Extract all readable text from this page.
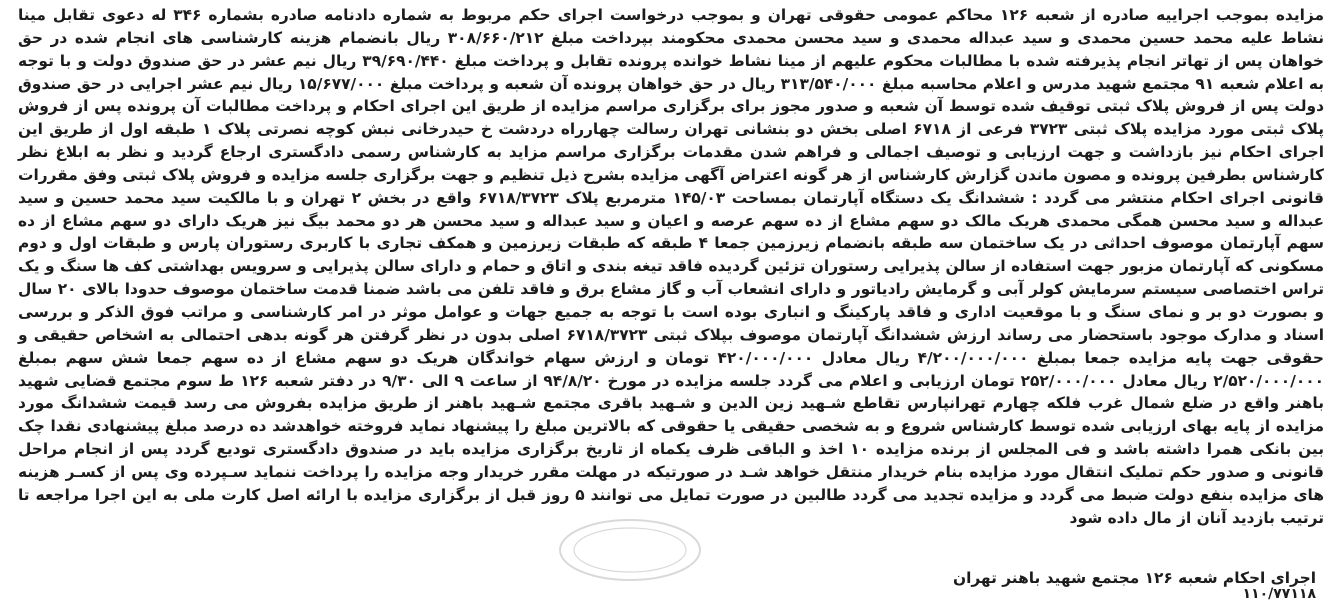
مزایده بموجب اجراییه صادره از شعبه ۱۲۶ محاکم عمومی حقوقی تهران و بموجب درخواست اجرای حکم مربوط به شماره دادنامه صادره بشماره ۳۴۶ له دعوی تقابل مینا نشاط علیه محمد حسین محمدی و سید عبداله محمدی و سید محسن محمدی محکومند بپرداخت مبلغ ۳۰۸/۶۶۰/۲۱۲ ریال بانضمام هزینه کارشناسی های انجام شده در حق خواهان پس از تهاتر انجام پذیرفته شده با مطالبات محکوم علیهم از مینا نشاط خوانده پرونده تقابل و پرداخت مبلغ ۳۹/۶۹۰/۴۴۰ ریال نیم عشر در حق صندوق دولت و با توجه به اعلام شعبه ۹۱ مجتمع شهید مدرس و اعلام محاسبه مبلغ ۳۱۳/۵۴۰/۰۰۰ ریال در حق خواهان پرونده آن شعبه و پرداخت مبلغ ۱۵/۶۷۷/۰۰۰ ریال نیم عشر اجرایی در حق صندوق دولت پس از فروش پلاک ثبتی توقیف شده توسط آن شعبه و صدور مجوز برای برگزاری مراسم مزایده از طریق این اجرای احکام و پرداخت مطالبات آن پرونده پس از فروش پلاک ثبتی مورد مزایده پلاک ثبتی ۳۷۲۳ فرعی از ۶۷۱۸ اصلی بخش دو بنشانی تهران رسالت چهارراه دردشت خ حیدرخانی نبش کوچه نصرتی پلاک ۱ طبقه اول از طریق این اجرای احکام نیز بازداشت و جهت ارزیابی و توصیف اجمالی و فراهم شدن مقدمات برگزاری مراسم مزاید به کارشناس رسمی دادگستری ارجاع گردید و نظر به ابلاغ نظر کارشناس بطرفین پرونده و مصون ماندن گزارش کارشناس از هر گونه اعتراض آگهی مزایده بشرح ذیل تنظیم و جهت برگزاری جلسه مزایده و فروش پلاک ثبتی وفق مقررات قانونی اجرای احکام منتشر می گردد : ششدانگ یک دستگاه آپارتمان بمساحت ۱۴۵/۰۳ مترمربع پلاک ۶۷۱۸/۳۷۲۳ واقع در بخش ۲ تهران و با مالکیت سید محمد حسین و سید عبداله و سید محسن همگی محمدی هریک مالک دو سهم مشاع از ده سهم عرصه و اعیان و سید عبداله و سید محسن هر دو محمد بیگ نیز هریک دارای دو سهم مشاع از ده سهم آپارتمان موصوف احداثی در یک ساختمان سه طبقه بانضمام زیرزمین جمعا ۴ طبقه که طبقات زیرزمین و همکف تجاری با کاربری رستوران پارس و طبقات اول و دوم مسکونی که آپارتمان مزبور جهت استفاده از سالن پذیرایی رستوران تزئین گردیده فاقد تیغه بندی و اتاق و حمام و دارای سالن پذیرایی و سرویس بهداشتی کف ها سنگ و یک تراس اختصاصی سیستم سرمایش کولر آبی و گرمایش رادیاتور و دارای انشعاب آب و گاز مشاع برق و فاقد تلفن می باشد ضمنا قدمت ساختمان موصوف حدودا بالای ۲۰ سال و بصورت دو بر و نمای سنگ و با موقعیت اداری و فاقد پارکینگ و انباری بوده است با توجه به جمیع جهات و عوامل موثر در امر کارشناسی و مراتب فوق الذکر و بررسی اسناد و مدارک موجود باستحضار می رساند ارزش ششدانگ آپارتمان موصوف بپلاک ثبتی ۶۷۱۸/۳۷۲۳ اصلی بدون در نظر گرفتن هر گونه بدهی احتمالی به اشخاص حقیقی و حقوقی جهت پایه مزایده جمعا بمبلغ ۴/۲۰۰/۰۰۰/۰۰۰ ریال معادل ۴۲۰/۰۰۰/۰۰۰ تومان و ارزش سهام خواندگان هریک دو سهم مشاع از ده سهم جمعا شش سهم بمبلغ ۲/۵۲۰/۰۰۰/۰۰۰ ریال معادل ۲۵۲/۰۰۰/۰۰۰ تومان ارزیابی و اعلام می گردد جلسه مزایده در مورخ ۹۴/۸/۲۰ از ساعت ۹ الی ۹/۳۰ در دفتر شعبه ۱۲۶ ط سوم مجتمع قضایی شهید باهنر واقع در ضلع شمال غرب فلکه چهارم تهرانپارس تقاطع شـهید زین الدین و شـهید باقری مجتمع شـهید باهنر از طریق مزایده بفروش می رسد قیمت ششدانگ مورد مزایده از پایه بهای ارزیابی شده توسط کارشناس شروع و به شخصی حقیقی یا حقوقی که بالاترین مبلغ را پیشنهاد نماید فروخته خواهدشد ده درصد مبلغ پیشنهادی نقدا چک بین بانکی همرا داشته باشد و فی المجلس از برنده مزایده ۱۰ اخذ و الباقی ظرف یکماه از تاریخ برگزاری مزایده باید در صندوق دادگستری تودیع گردد پس از انجام مراحل قانونی و صدور حکم تملیک انتقال مورد مزایده بنام خریدار منتقل خواهد شـد در صورتیکه در مهلت مقرر خریدار وجه مزایده را پرداخت ننماید سـپرده وی پس از کسـر هزینه های مزایده بنفع دولت ضبط می گردد و مزایده تجدید می گردد طالبین در صورت تمایل می توانند ۵ روز قبل از برگزاری مزایده با ارائه اصل کارت ملی به این اجرا مراجعه تا ترتیب بازدید آنان از مال داده شود

اجرای احکام شعبه ۱۲۶ مجتمع شهید باهنر تهران
۱۱۰/۷۷۱۱۸
